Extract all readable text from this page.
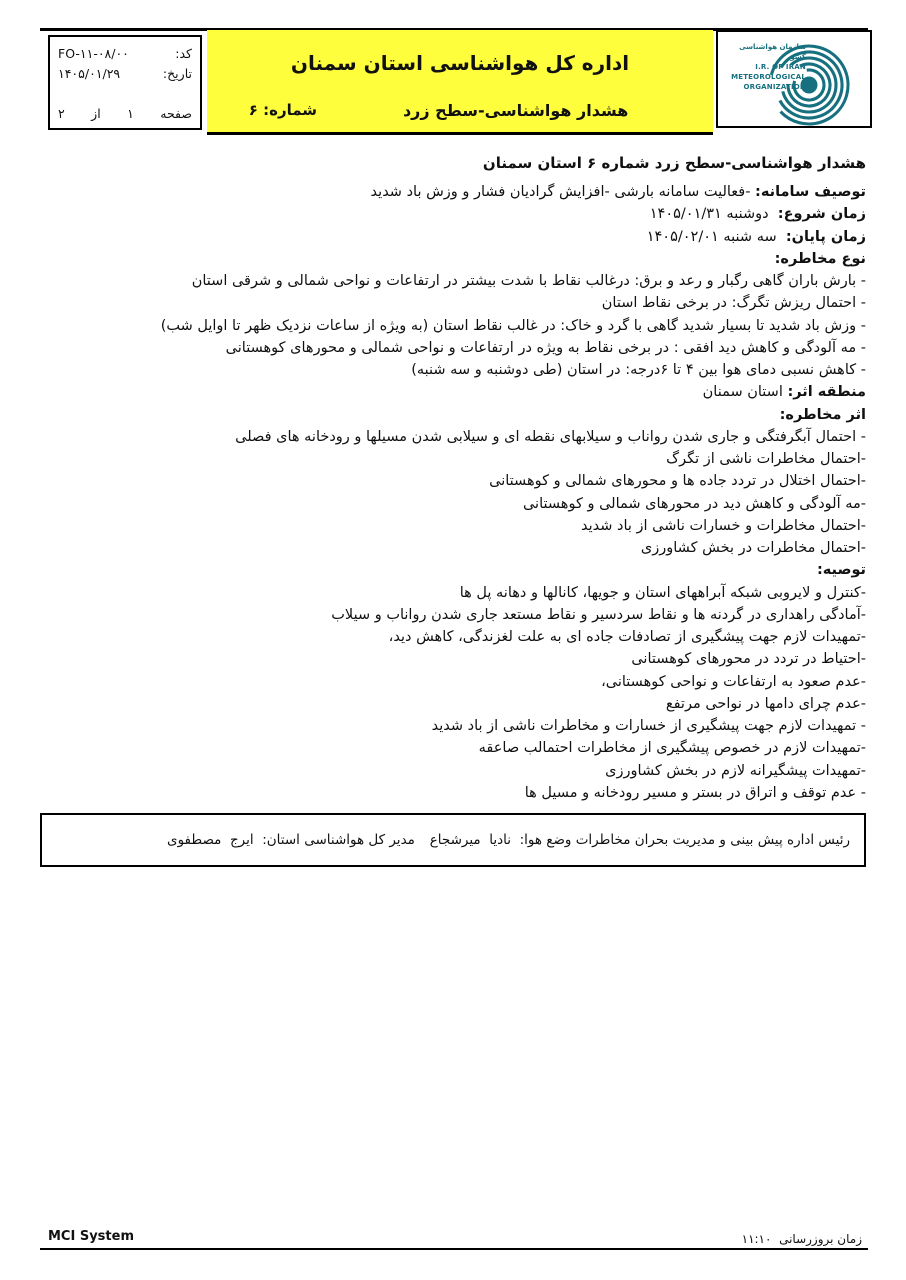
کد:
FO-۱۱-۰۸/۰۰
تاریخ:
۱۴۰۵/۰۱/۲۹
صفحه
۱
از
۲
اداره کل هواشناسی استان سمنان
هشدار هواشناسی-سطح زرد
شماره: ۶
سازمان هواشناسی کشور
I.R. OF IRAN
METEOROLOGICAL
ORGANIZATION
هشدار هواشناسی-سطح زرد شماره ۶ استان سمنان
توصیف سامانه: -فعالیت سامانه بارشی -افزایش گرادیان فشار و وزش باد شدید
زمان شروع:  دوشنبه ۱۴۰۵/۰۱/۳۱
زمان پایان:  سه شنبه ۱۴۰۵/۰۲/۰۱
نوع مخاطره:
- بارش باران گاهی رگبار و رعد و برق: درغالب نقاط با شدت بیشتر در ارتفاعات و نواحی شمالی و شرقی استان
- احتمال ریزش تگرگ: در برخی نقاط استان
- وزش باد شدید تا بسیار شدید گاهی با گرد و خاک: در غالب نقاط استان (به ویژه از ساعات نزدیک ظهر تا اوایل شب)
- مه آلودگی و کاهش دید افقی : در برخی نقاط به ویژه در ارتفاعات و نواحی شمالی و محورهای کوهستانی
- کاهش نسبی دمای هوا بین ۴ تا ۶درجه: در استان (طی دوشنبه و سه شنبه)
منطقه اثر: استان سمنان
اثر مخاطره:
- احتمال آبگرفتگی و جاری شدن رواناب و سیلابهای نقطه ای و سیلابی شدن مسیلها و رودخانه های فصلی
-احتمال مخاطرات ناشی از تگرگ
-احتمال اختلال در تردد جاده ها و محورهای شمالی و کوهستانی
-مه آلودگی و کاهش دید در محورهای شمالی و کوهستانی
-احتمال مخاطرات و خسارات ناشی از باد شدید
-احتمال مخاطرات در بخش کشاورزی
توصیه:
-کنترل و لایروبی شبکه آبراههای استان و جویها، کانالها و دهانه پل ها
-آمادگی راهداری در گردنه ها و نقاط سردسیر و نقاط مستعد جاری شدن رواناب و سیلاب
-تمهیدات لازم جهت پیشگیری از تصادفات جاده ای به علت لغزندگی، کاهش دید،
-احتیاط در تردد در محورهای کوهستانی
-عدم صعود به ارتفاعات و نواحی کوهستانی،
-عدم چرای دامها در نواحی مرتفع
- تمهیدات لازم جهت پیشگیری از خسارات و مخاطرات ناشی از باد شدید
-تمهیدات لازم در خصوص پیشگیری از مخاطرات احتمالب صاعقه
-تمهیدات پیشگیرانه لازم در بخش کشاورزی
- عدم توقف و اتراق در بستر و مسیر رودخانه و مسیل ها
رئیس اداره پیش بینی و مدیریت بحران مخاطرات وضع هوا:  نادیا  میرشجاع
مدیر کل هواشناسی استان:  ایرج  مصطفوی
MCI System	زمان بروزرسانی  ۱۱:۱۰
